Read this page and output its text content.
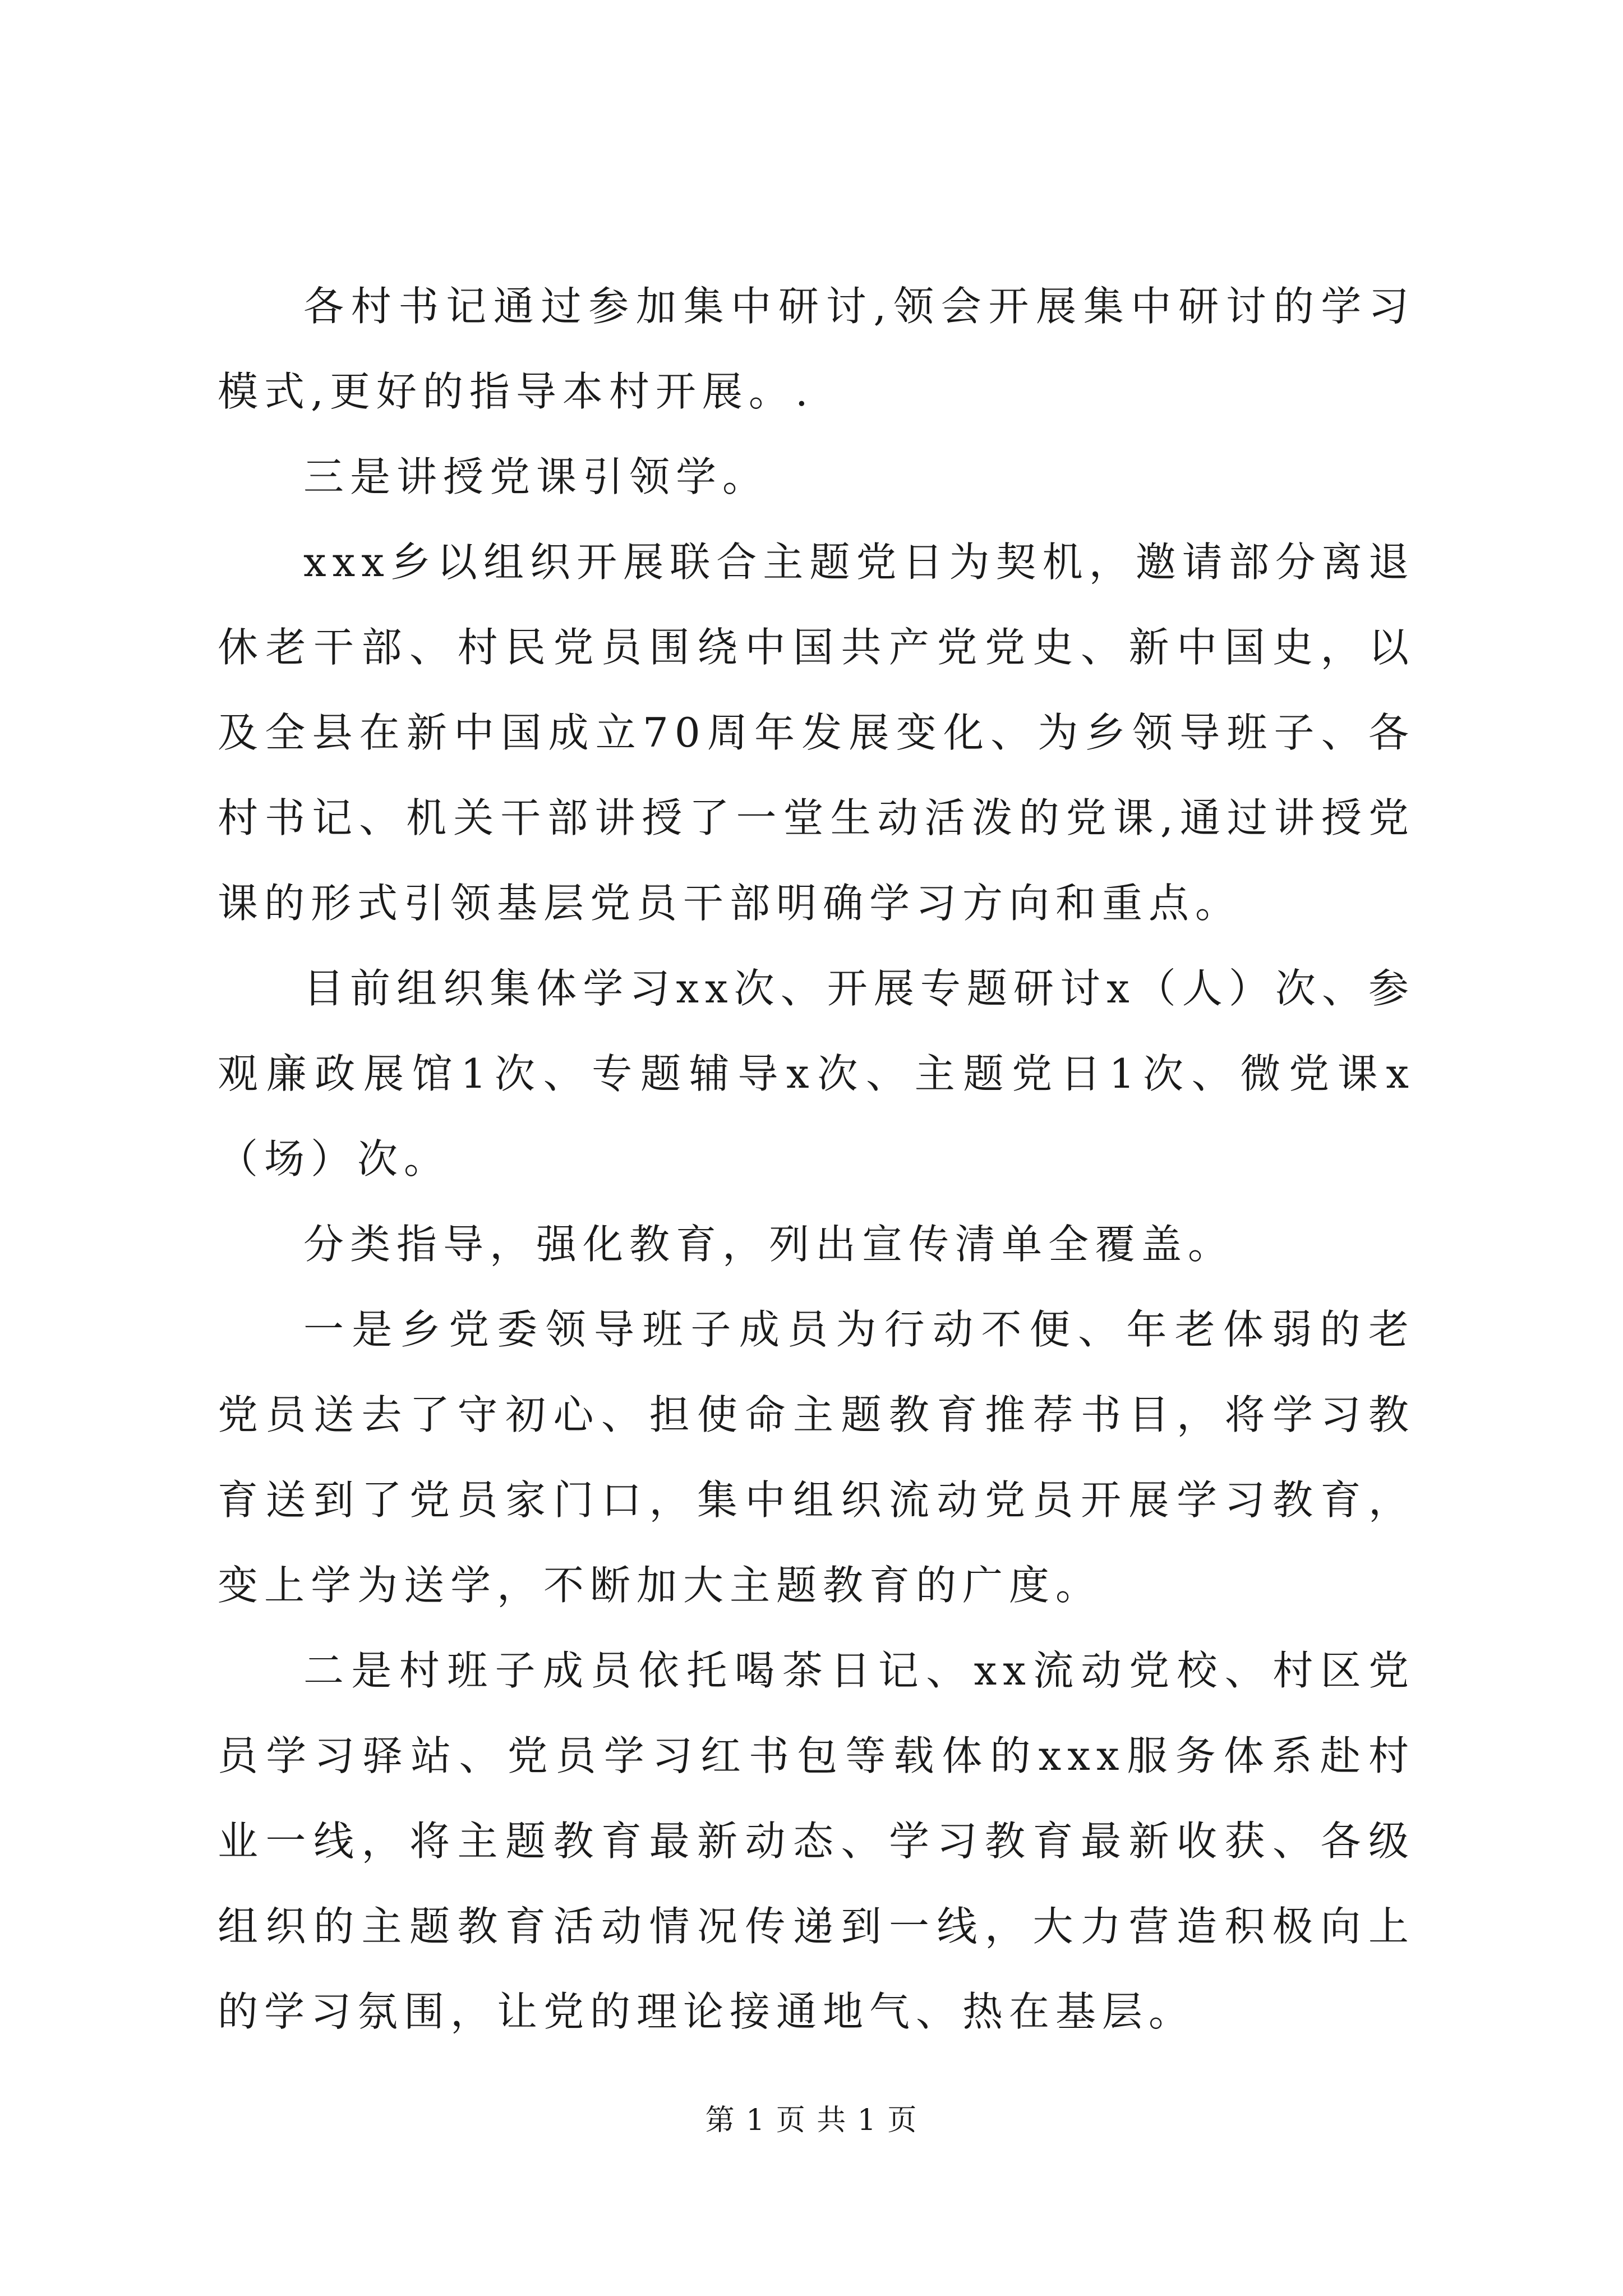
各村书记通过参加集中研讨,领会开展集中研讨的学习模式,更好的指导本村开展。.

三是讲授党课引领学。

xxx乡以组织开展联合主题党日为契机，邀请部分离退休老干部、村民党员围绕中国共产党党史、新中国史，以及全县在新中国成立70周年发展变化、为乡领导班子、各村书记、机关干部讲授了一堂生动活泼的党课,通过讲授党课的形式引领基层党员干部明确学习方向和重点。

目前组织集体学习xx次、开展专题研讨x（人）次、参观廉政展馆1次、专题辅导x次、主题党日1次、微党课x（场）次。

分类指导，强化教育，列出宣传清单全覆盖。

一是乡党委领导班子成员为行动不便、年老体弱的老党员送去了守初心、担使命主题教育推荐书目，将学习教育送到了党员家门口，集中组织流动党员开展学习教育，变上学为送学，不断加大主题教育的广度。

二是村班子成员依托喝茶日记、xx流动党校、村区党员学习驿站、党员学习红书包等载体的xxx服务体系赴村业一线，将主题教育最新动态、学习教育最新收获、各级组织的主题教育活动情况传递到一线，大力营造积极向上的学习氛围，让党的理论接通地气、热在基层。

第 1 页 共 1 页
